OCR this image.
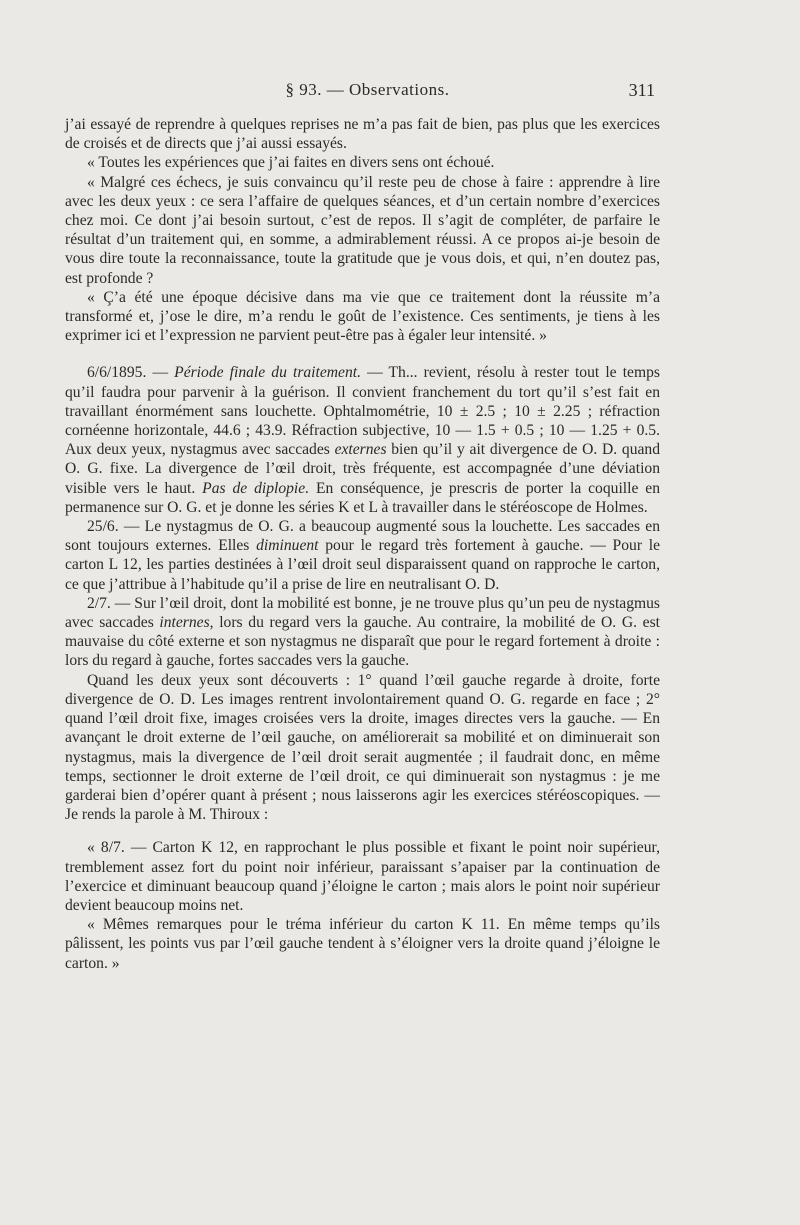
§ 93. — Observations.	311

j’ai essayé de reprendre à quelques reprises ne m’a pas fait de bien, pas plus que les exercices de croisés et de directs que j’ai aussi essayés.

« Toutes les expériences que j’ai faites en divers sens ont échoué.

« Malgré ces échecs, je suis convaincu qu’il reste peu de chose à faire : apprendre à lire avec les deux yeux : ce sera l’affaire de quelques séances, et d’un certain nombre d’exercices chez moi. Ce dont j’ai besoin surtout, c’est de repos. Il s’agit de compléter, de parfaire le résultat d’un traitement qui, en somme, a admirablement réussi. A ce propos ai-je besoin de vous dire toute la reconnaissance, toute la gratitude que je vous dois, et qui, n’en doutez pas, est profonde ?

« Ç’a été une époque décisive dans ma vie que ce traitement dont la réussite m’a transformé et, j’ose le dire, m’a rendu le goût de l’existence. Ces sentiments, je tiens à les exprimer ici et l’expression ne parvient peut-être pas à égaler leur intensité. »

6/6/1895. — Période finale du traitement. — Th... revient, résolu à rester tout le temps qu’il faudra pour parvenir à la guérison. Il convient franchement du tort qu’il s’est fait en travaillant énormément sans louchette. Ophtalmométrie, 10 ± 2.5 ; 10 ± 2.25 ; réfraction cornéenne horizontale, 44.6 ; 43.9. Réfraction subjective, 10 — 1.5 + 0.5 ; 10 — 1.25 + 0.5. Aux deux yeux, nystagmus avec saccades externes bien qu’il y ait divergence de O. D. quand O. G. fixe. La divergence de l’œil droit, très fréquente, est accompagnée d’une déviation visible vers le haut. Pas de diplopie. En conséquence, je prescris de porter la coquille en permanence sur O. G. et je donne les séries K et L à travailler dans le stéréoscope de Holmes.

25/6. — Le nystagmus de O. G. a beaucoup augmenté sous la louchette. Les saccades en sont toujours externes. Elles diminuent pour le regard très fortement à gauche. — Pour le carton L 12, les parties destinées à l’œil droit seul disparaissent quand on rapproche le carton, ce que j’attribue à l’habitude qu’il a prise de lire en neutralisant O. D.

2/7. — Sur l’œil droit, dont la mobilité est bonne, je ne trouve plus qu’un peu de nystagmus avec saccades internes, lors du regard vers la gauche. Au contraire, la mobilité de O. G. est mauvaise du côté externe et son nystagmus ne disparaît que pour le regard fortement à droite : lors du regard à gauche, fortes saccades vers la gauche.

Quand les deux yeux sont découverts : 1° quand l’œil gauche regarde à droite, forte divergence de O. D. Les images rentrent involontairement quand O. G. regarde en face ; 2° quand l’œil droit fixe, images croisées vers la droite, images directes vers la gauche. — En avançant le droit externe de l’œil gauche, on améliorerait sa mobilité et on diminuerait son nystagmus, mais la divergence de l’œil droit serait augmentée ; il faudrait donc, en même temps, sectionner le droit externe de l’œil droit, ce qui diminuerait son nystagmus : je me garderai bien d’opérer quant à présent ; nous laisserons agir les exercices stéréoscopiques. — Je rends la parole à M. Thiroux :

« 8/7. — Carton K 12, en rapprochant le plus possible et fixant le point noir supérieur, tremblement assez fort du point noir inférieur, paraissant s’apaiser par la continuation de l’exercice et diminuant beaucoup quand j’éloigne le carton ; mais alors le point noir supérieur devient beaucoup moins net.

« Mêmes remarques pour le tréma inférieur du carton K 11. En même temps qu’ils pâlissent, les points vus par l’œil gauche tendent à s’éloigner vers la droite quand j’éloigne le carton. »
